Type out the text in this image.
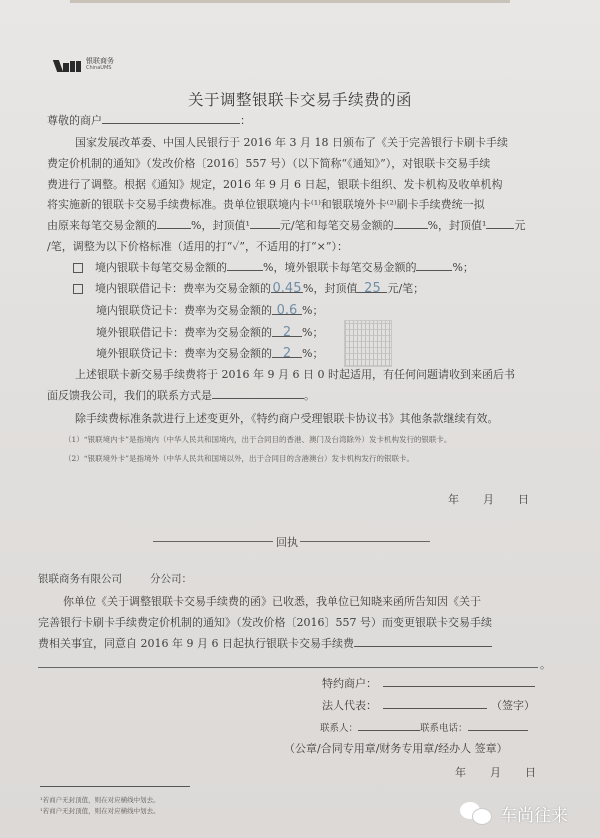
银联商务
ChinaUMS
关于调整银联卡交易手续费的函
尊敬的商户	：
国家发展改革委、中国人民银行于 2016 年 3 月 18 日颁布了《关于完善银行卡刷卡手续
费定价机制的通知》（发改价格〔2016〕557 号）（以下简称“《通知》”），对银联卡交易手续
费进行了调整。根据《通知》规定，2016 年 9 月 6 日起，银联卡组织、发卡机构及收单机构
将实施新的银联卡交易手续费标准。贵单位银联境内卡⁽¹⁾和银联境外卡⁽²⁾刷卡手续费统一拟
由原来每笔交易金额的	%，封顶值¹	元/笔和每笔交易金额的	%，封顶值¹	元
/笔，调整为以下价格标准（适用的打“✓”，不适用的打“×”）：
境内银联卡每笔交易金额的	%，境外银联卡每笔交易金额的	%；
境内银联借记卡：费率为交易金额的 0.45 %，封顶值 25 元/笔；
境内银联贷记卡：费率为交易金额的 0.6 %；
境外银联借记卡：费率为交易金额的 2 %；
境外银联贷记卡：费率为交易金额的 2 %；
上述银联卡新交易手续费将于 2016 年 9 月 6 日 0 时起适用，有任何问题请收到来函后书
面反馈我公司，我们的联系方式是	。
除手续费标准条款进行上述变更外，《特约商户受理银联卡协议书》其他条款继续有效。
（1）“银联境内卡”是指境内（中华人民共和国境内，出于合同目的香港、澳门及台湾除外）发卡机构发行的银联卡。
（2）“银联境外卡”是指境外（中华人民共和国境以外，出于合同目的含港澳台）发卡机构发行的银联卡。
年 月 日
回执
银联商务有限公司	分公司：
你单位《关于调整银联卡交易手续费的函》已收悉，我单位已知晓来函所告知因《关于
完善银行卡刷卡手续费定价机制的通知》（发改价格〔2016〕557 号）而变更银联卡交易手续
费相关事宜，同意自 2016 年 9 月 6 日起执行银联卡交易手续费
。
特约商户：
法人代表：	（签字）
联系人：	联系电话：
（公章/合同专用章/财务专用章/经办人 签章）
年 月 日
¹若商户无封顶值，则在对应横线中划去。
¹若商户无封顶值，则在对应横线中划去。	车尚往来
